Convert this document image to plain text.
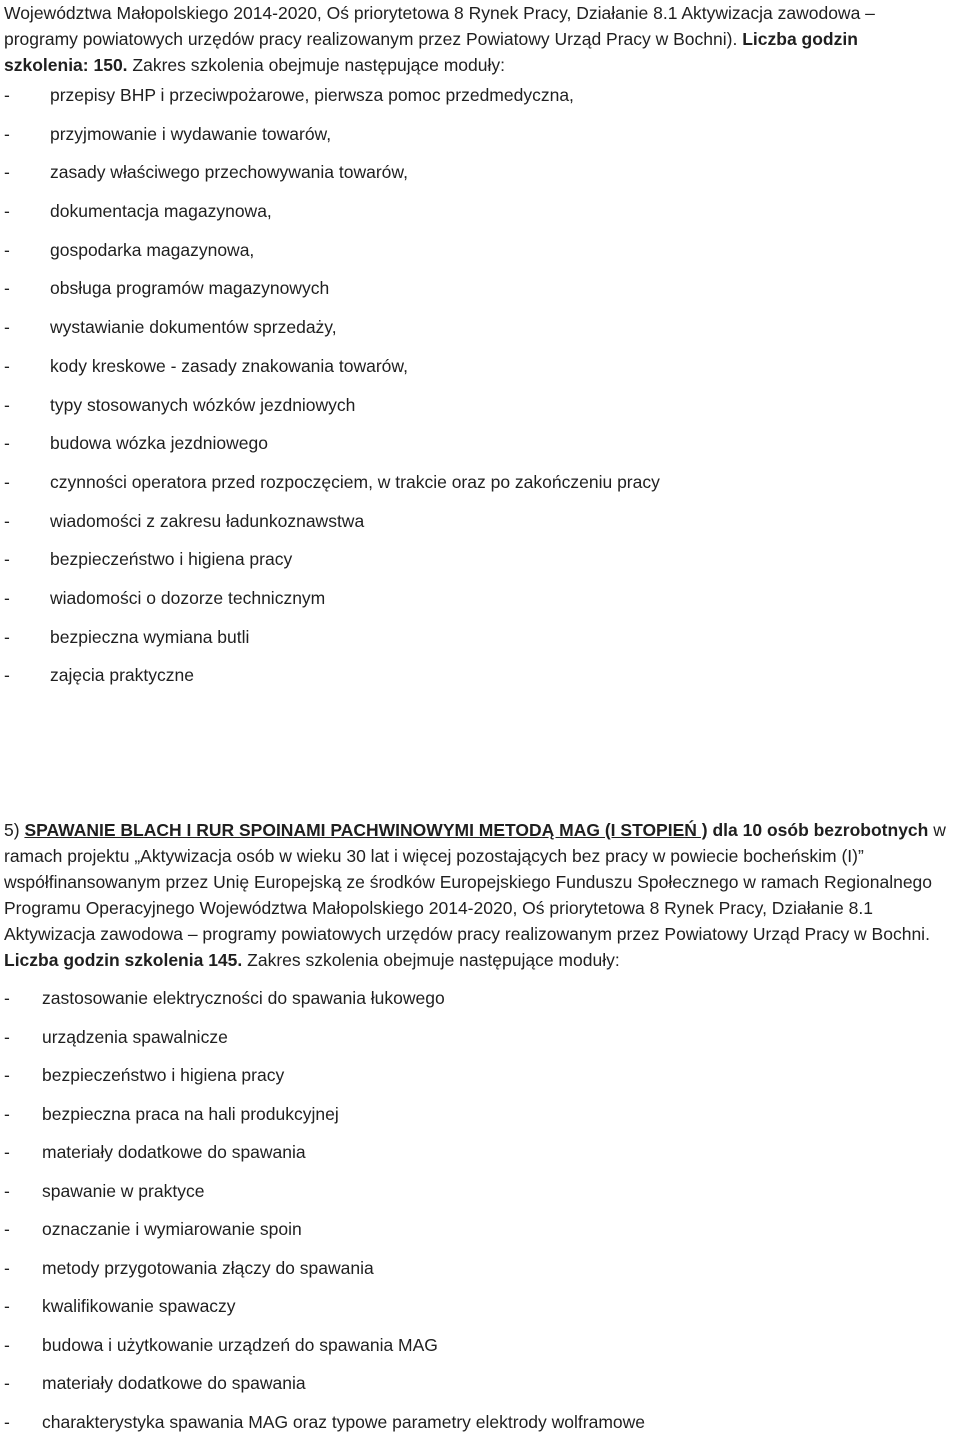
Województwa Małopolskiego 2014-2020, Oś priorytetowa 8 Rynek Pracy, Działanie 8.1 Aktywizacja zawodowa – programy powiatowych urzędów pracy realizowanym przez Powiatowy Urząd Pracy w Bochni). Liczba godzin szkolenia: 150. Zakres szkolenia obejmuje następujące moduły:

-	przepisy BHP i przeciwpożarowe, pierwsza pomoc przedmedyczna,
-	przyjmowanie i wydawanie towarów,
-	zasady właściwego przechowywania towarów,
-	dokumentacja magazynowa,
-	gospodarka magazynowa,
-	obsługa programów magazynowych
-	wystawianie dokumentów sprzedaży,
-	kody kreskowe - zasady znakowania towarów,
-	typy stosowanych wózków jezdniowych
-	budowa wózka jezdniowego
-	czynności operatora przed rozpoczęciem, w trakcie oraz po zakończeniu pracy
-	wiadomości z zakresu ładunkoznawstwa
-	bezpieczeństwo i higiena pracy
-	wiadomości o dozorze technicznym
-	bezpieczna wymiana butli
-	zajęcia praktyczne

5) SPAWANIE BLACH I RUR SPOINAMI PACHWINOWYMI METODĄ MAG (I STOPIEŃ ) dla 10 osób bezrobotnych w ramach projektu „Aktywizacja osób w wieku 30 lat i więcej pozostających bez pracy w powiecie bocheńskim (I)” współfinansowanym przez Unię Europejską ze środków Europejskiego Funduszu Społecznego w ramach Regionalnego Programu Operacyjnego Województwa Małopolskiego 2014-2020, Oś priorytetowa 8 Rynek Pracy, Działanie 8.1 Aktywizacja zawodowa – programy powiatowych urzędów pracy realizowanym przez Powiatowy Urząd Pracy w Bochni. Liczba godzin szkolenia 145. Zakres szkolenia obejmuje następujące moduły:

-	zastosowanie elektryczności do spawania łukowego
-	urządzenia spawalnicze
-	bezpieczeństwo i higiena pracy
-	bezpieczna praca na hali produkcyjnej
-	materiały dodatkowe do spawania
-	spawanie w praktyce
-	oznaczanie i wymiarowanie spoin
-	metody przygotowania złączy do spawania
-	kwalifikowanie spawaczy
-	budowa i użytkowanie urządzeń do spawania MAG
-	materiały dodatkowe do spawania
-	charakterystyka spawania MAG oraz typowe parametry elektrody wolframowe
